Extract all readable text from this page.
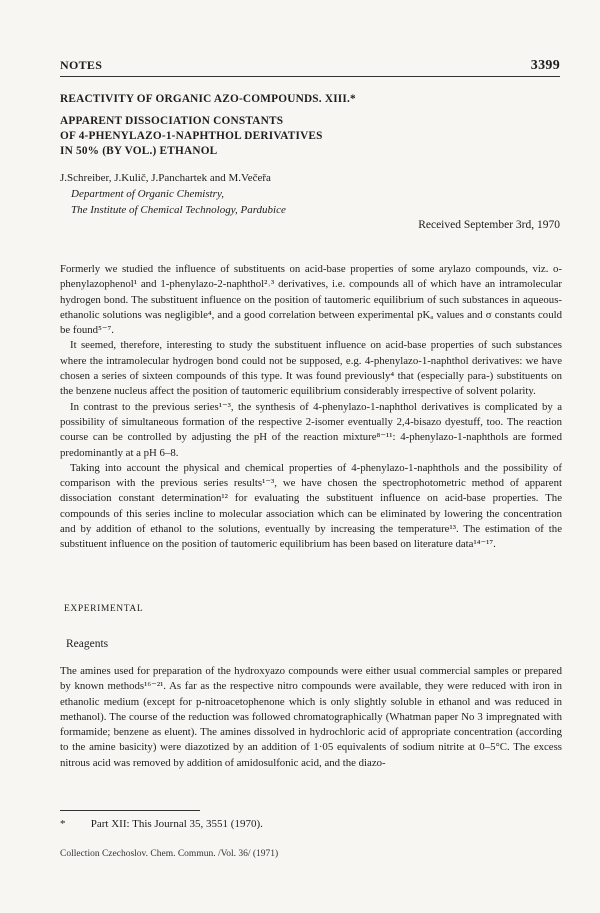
NOTES	3399
REACTIVITY OF ORGANIC AZO-COMPOUNDS. XIII.*
APPARENT DISSOCIATION CONSTANTS
OF 4-PHENYLAZO-1-NAPHTHOL DERIVATIVES
IN 50% (BY VOL.) ETHANOL
J.Schreiber, J.Kulič, J.Panchartek and M.Večeřa
Department of Organic Chemistry,
The Institute of Chemical Technology, Pardubice
Received September 3rd, 1970

Formerly we studied the influence of substituents on acid-base properties of some arylazo compounds, viz. o-phenylazophenol¹ and 1-phenylazo-2-naphthol²˒³ derivatives, i.e. compounds all of which have an intramolecular hydrogen bond. The substituent influence on the position of tautomeric equilibrium of such substances in aqueous-ethanolic solutions was negligible⁴, and a good correlation between experimental pKₐ values and σ constants could be found⁵⁻⁷.

It seemed, therefore, interesting to study the substituent influence on acid-base properties of such substances where the intramolecular hydrogen bond could not be supposed, e.g. 4-phenylazo-1-naphthol derivatives: we have chosen a series of sixteen compounds of this type. It was found previously⁴ that (especially para-) substituents on the benzene nucleus affect the position of tautomeric equilibrium considerably irrespective of solvent polarity.

In contrast to the previous series¹⁻³, the synthesis of 4-phenylazo-1-naphthol derivatives is complicated by a possibility of simultaneous formation of the respective 2-isomer eventually 2,4-bisazo dyestuff, too. The reaction course can be controlled by adjusting the pH of the reaction mixture⁸⁻¹¹: 4-phenylazo-1-naphthols are formed predominantly at a pH 6–8.

Taking into account the physical and chemical properties of 4-phenylazo-1-naphthols and the possibility of comparison with the previous series results¹⁻³, we have chosen the spectrophotometric method of apparent dissociation constant determination¹² for evaluating the substituent influence on acid-base properties. The compounds of this series incline to molecular association which can be eliminated by lowering the concentration and by addition of ethanol to the solutions, eventually by increasing the temperature¹³. The estimation of the substituent influence on the position of tautomeric equilibrium has been based on literature data¹⁴⁻¹⁷.

EXPERIMENTAL
Reagents

The amines used for preparation of the hydroxyazo compounds were either usual commercial samples or prepared by known methods¹⁶⁻²¹. As far as the respective nitro compounds were available, they were reduced with iron in ethanolic medium (except for p-nitroacetophenone which is only slightly soluble in ethanol and was reduced in methanol). The course of the reduction was followed chromatographically (Whatman paper No 3 impregnated with formamide; benzene as eluent). The amines dissolved in hydrochloric acid of appropriate concentration (according to the amine basicity) were diazotized by an addition of 1·05 equivalents of sodium nitrite at 0–5°C. The excess nitrous acid was removed by addition of amidosulfonic acid, and the diazo-

* Part XII: This Journal 35, 3551 (1970).
Collection Czechoslov. Chem. Commun. /Vol. 36/ (1971)
